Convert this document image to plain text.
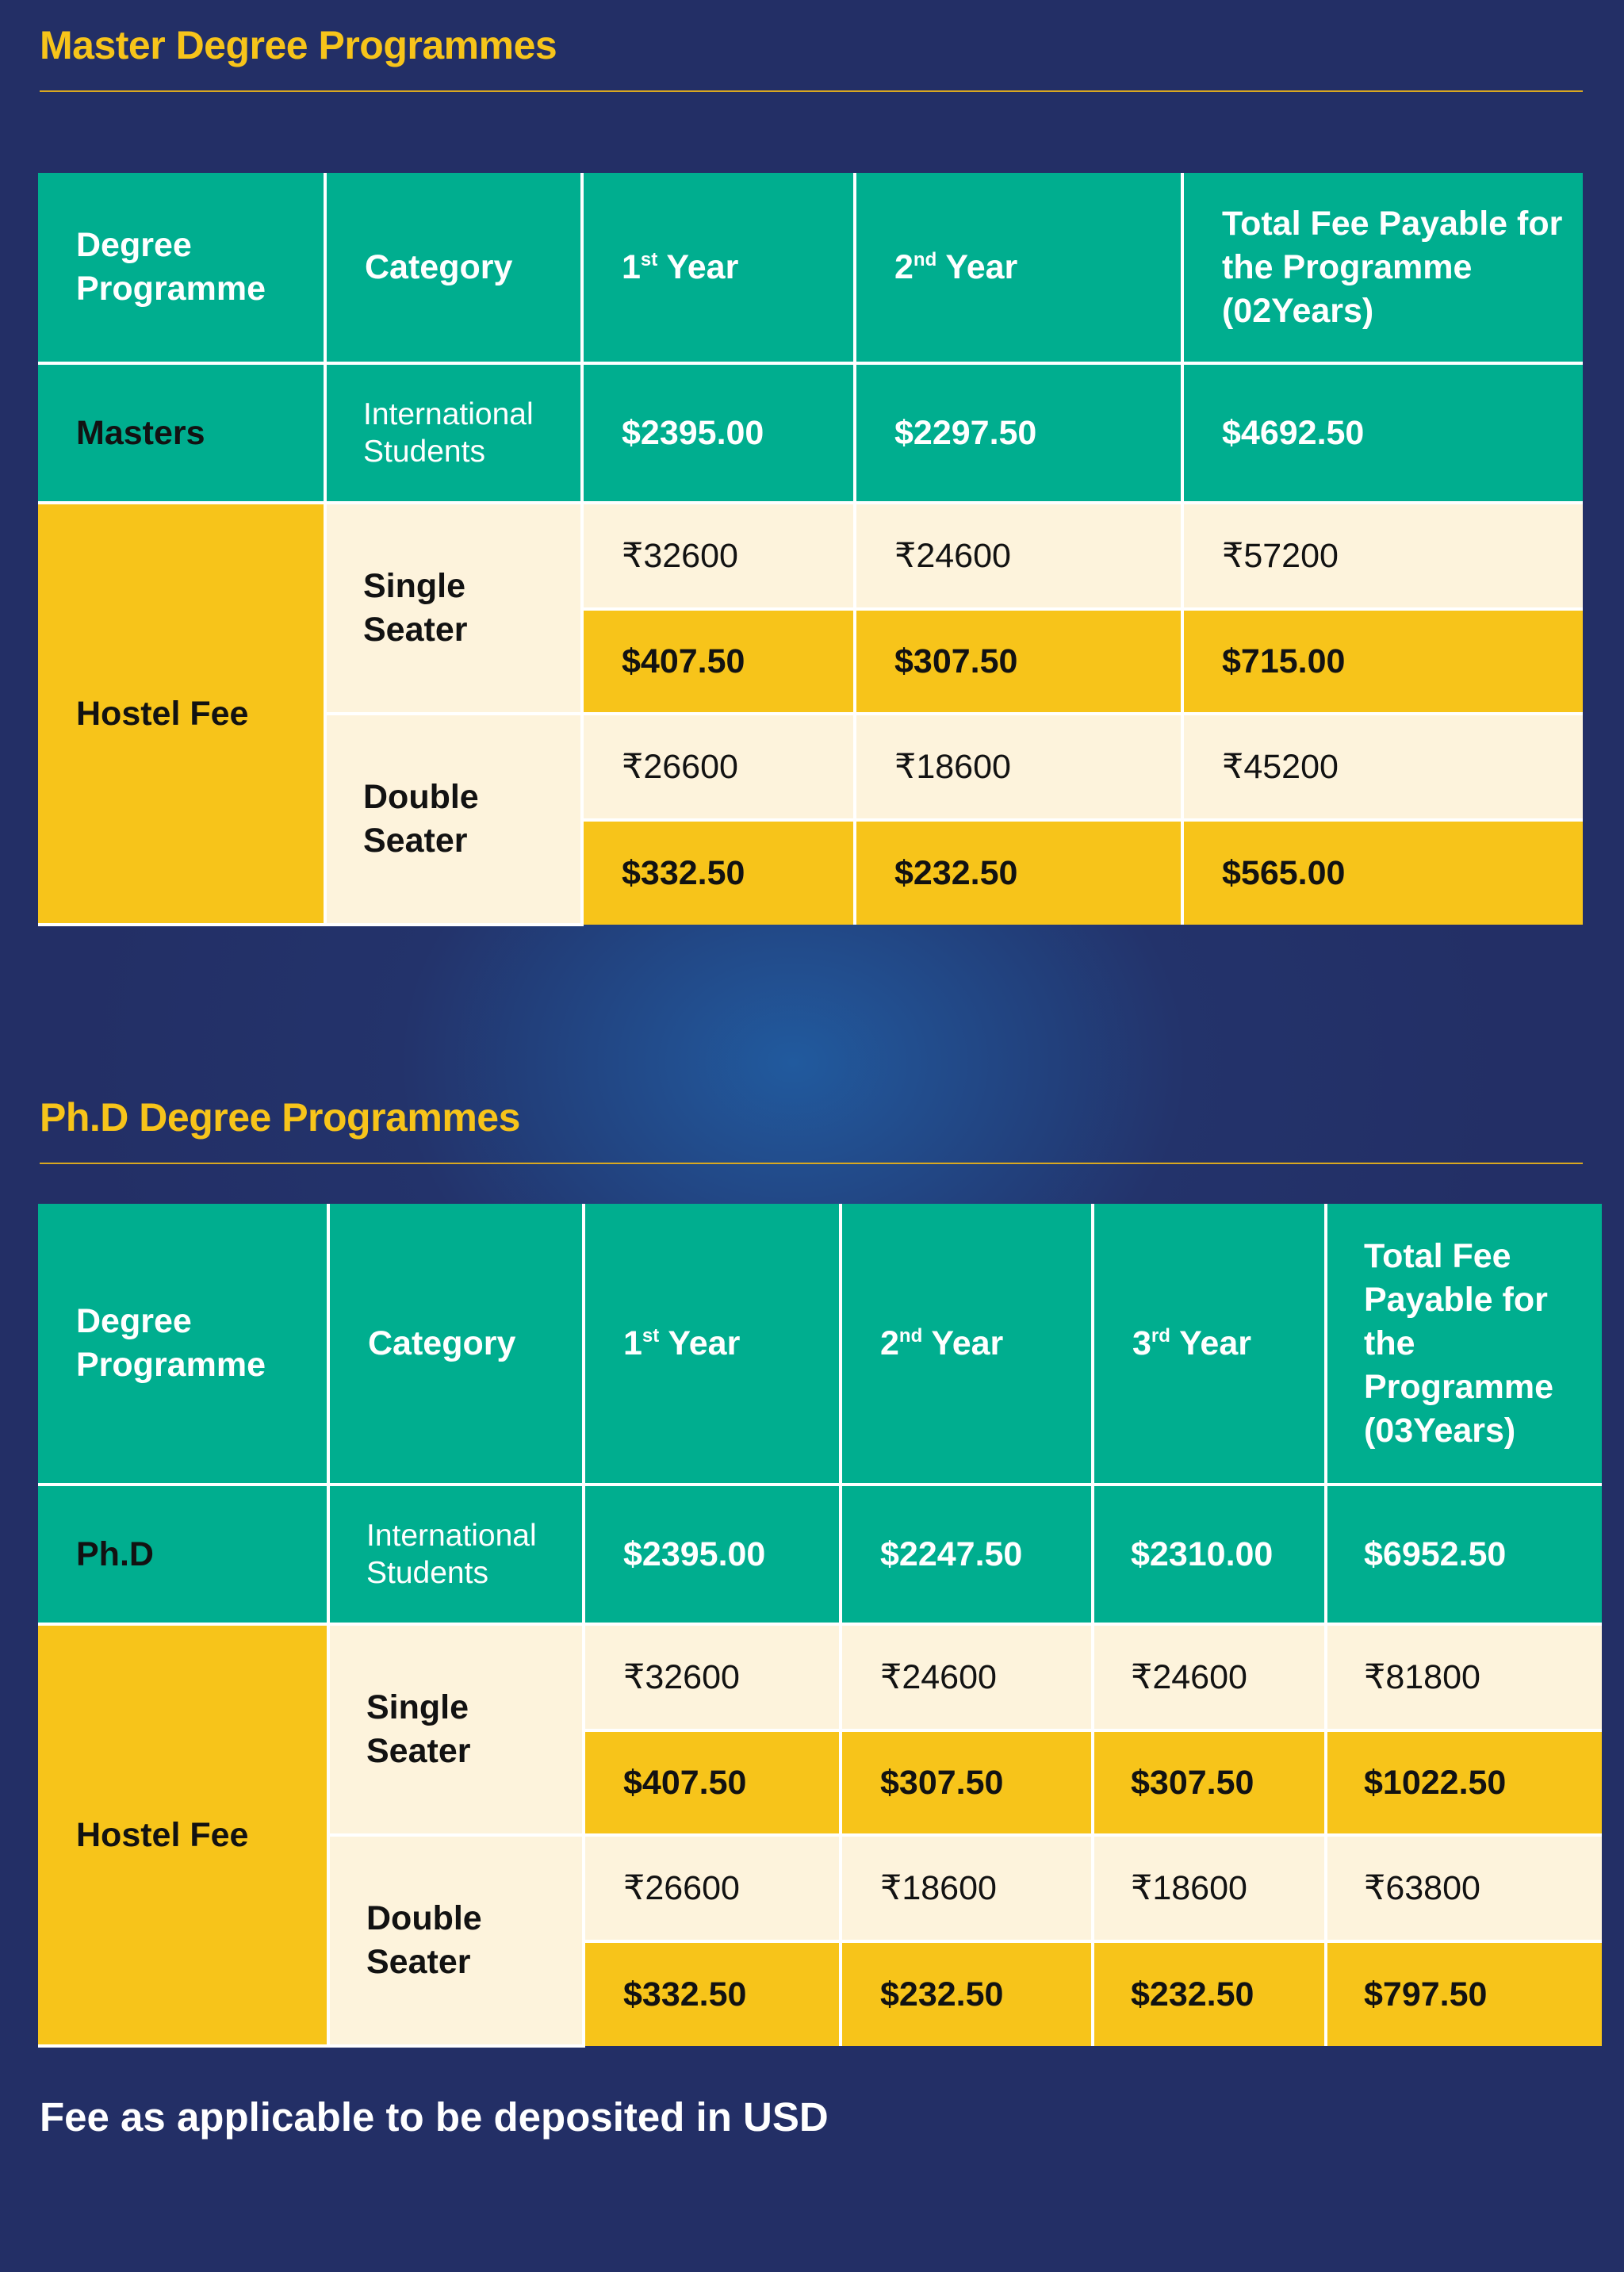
Master Degree Programmes
Degree Programme	Category	1st Year	2nd Year	Total Fee Payable for the Programme (02Years)

Masters	International Students	$2395.00	$2297.50	$4692.50
Hostel Fee	Single Seater	₹32600	₹24600	₹57200
		$407.50	$307.50	$715.00

	Double Seater	₹26600	₹18600	₹45200
		$332.50	$232.50	$565.00
Ph.D Degree Programmes
Degree Programme	Category	1st Year	2nd Year	3rd Year	Total Fee Payable for the Programme (03Years)

Ph.D	International Students	$2395.00	$2247.50	$2310.00	$6952.50
Hostel Fee	Single Seater	₹32600	₹24600	₹24600	₹81800
		$407.50	$307.50	$307.50	$1022.50

	Double Seater	₹26600	₹18600	₹18600	₹63800
		$332.50	$232.50	$232.50	$797.50

Fee as applicable to be deposited in USD
